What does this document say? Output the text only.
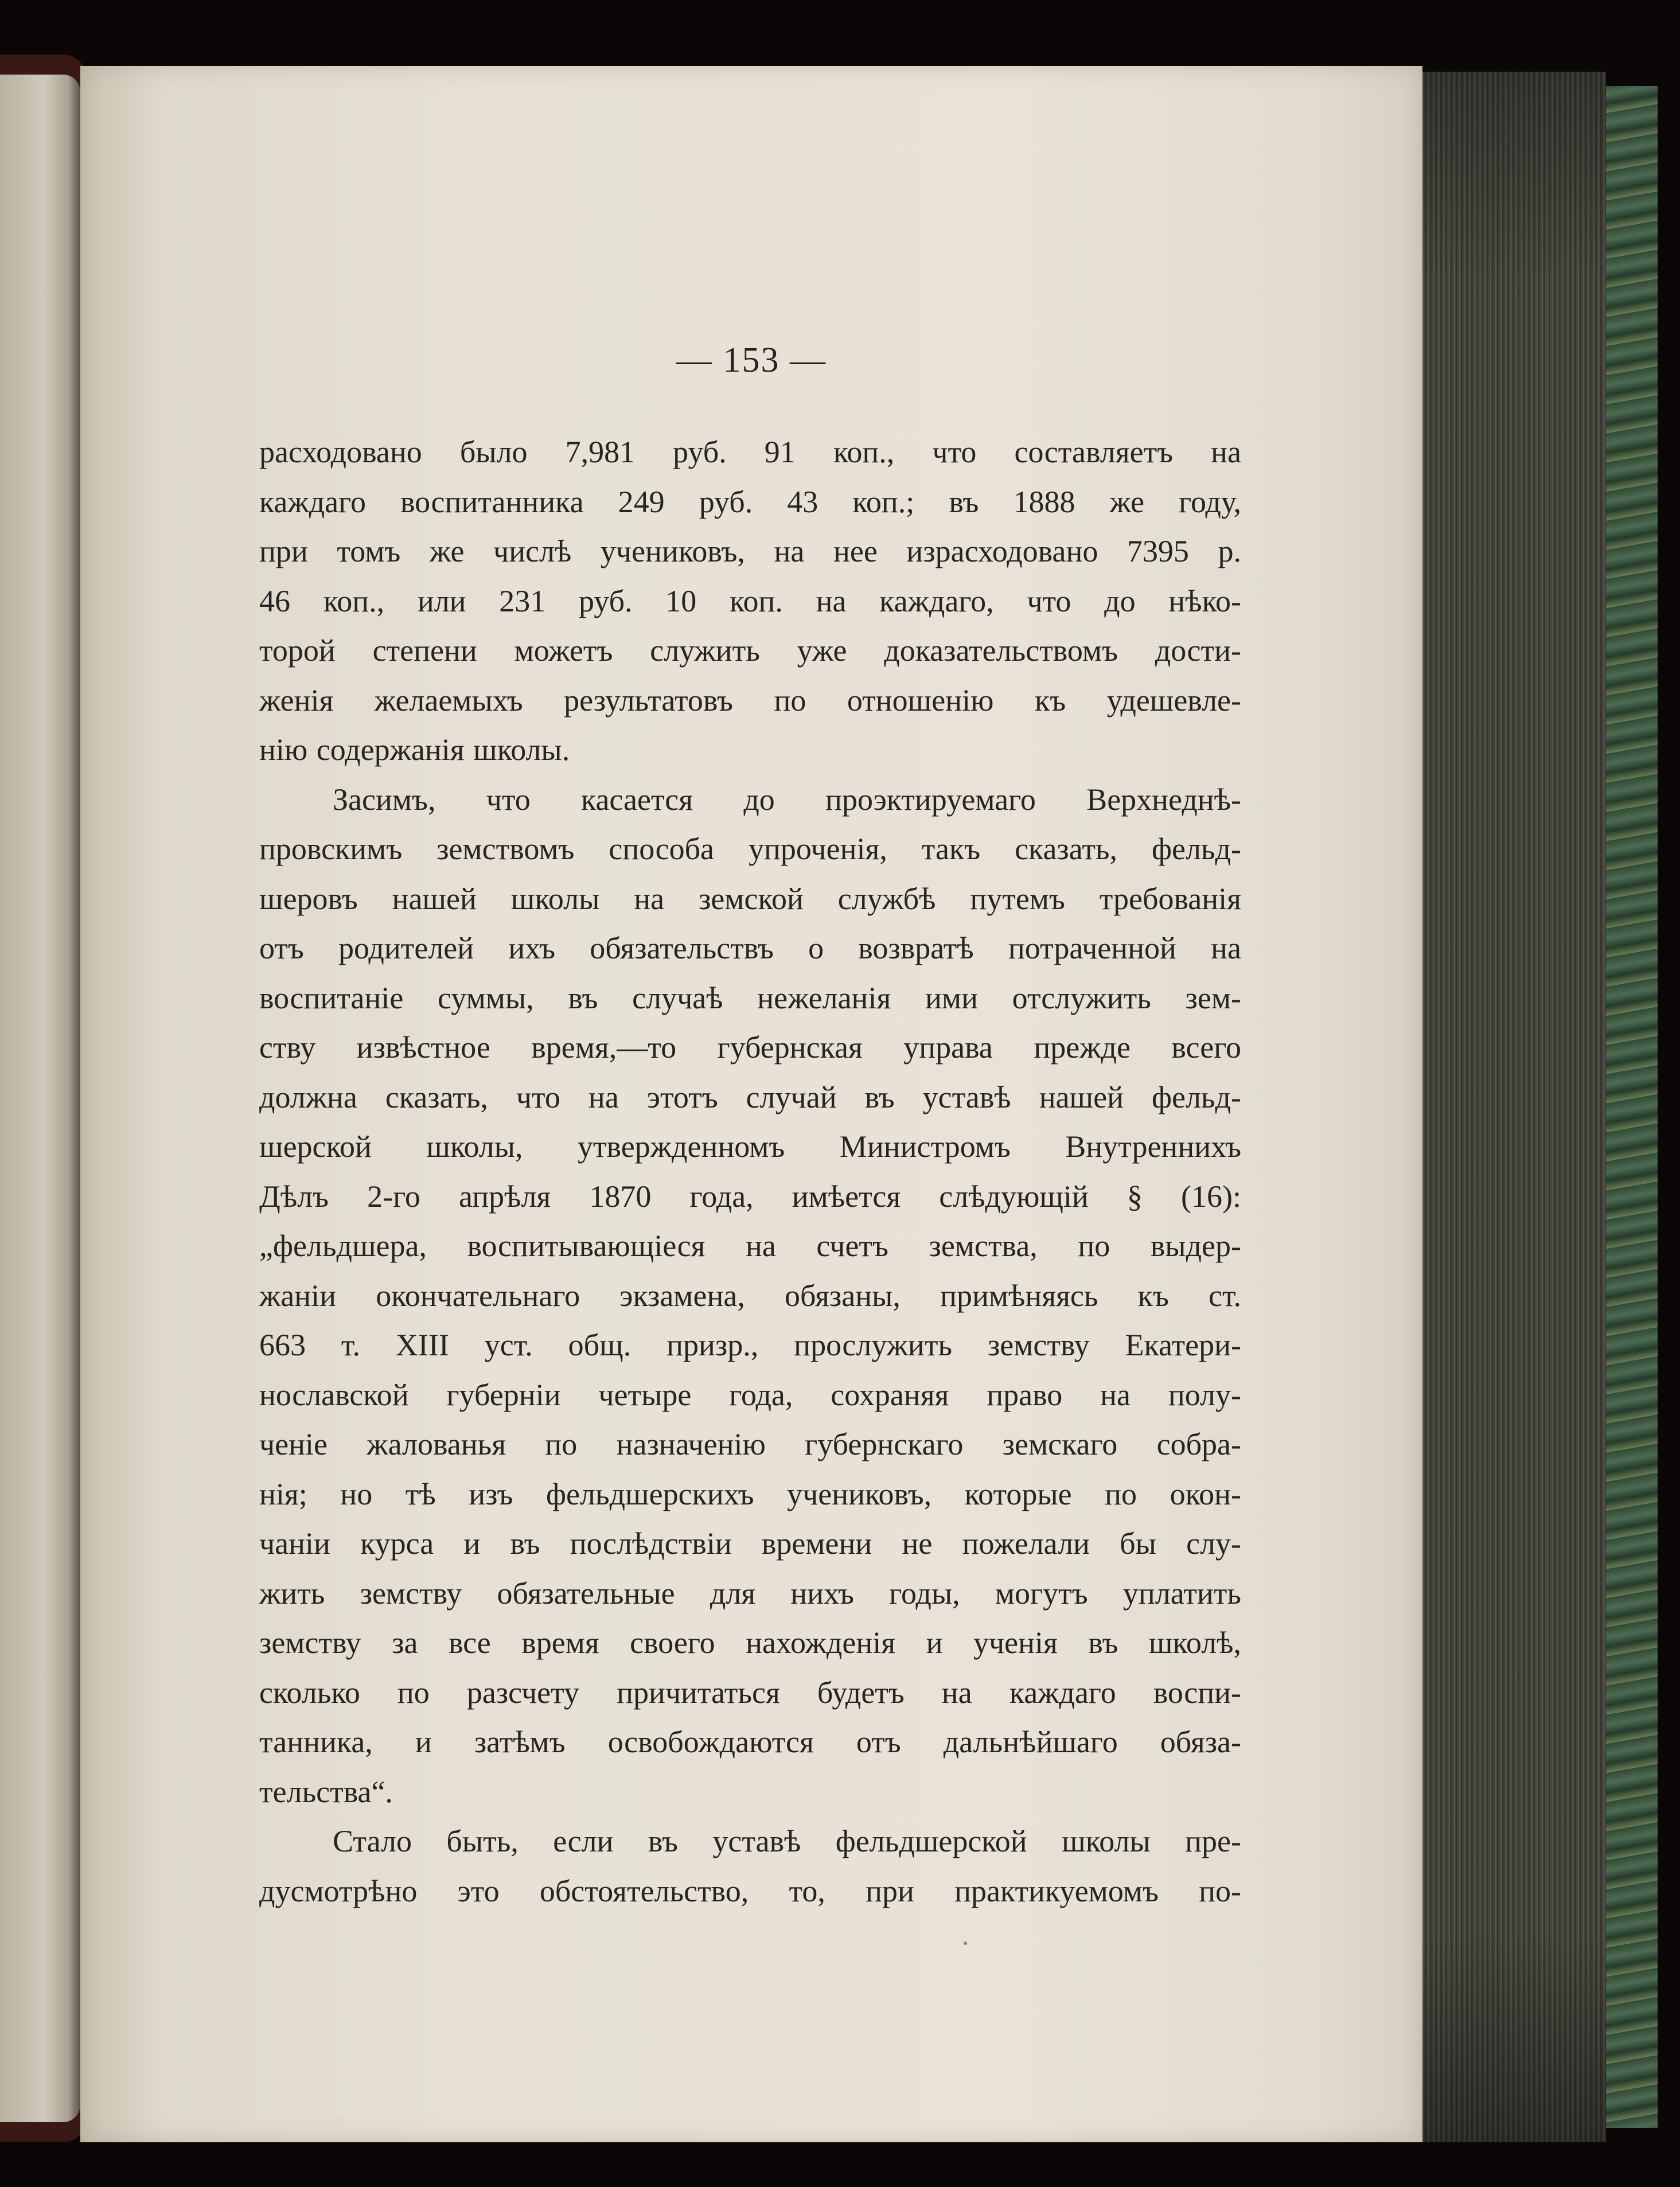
— 153 —
расходовано было 7,981 руб. 91 коп., что составляетъ на
каждаго воспитанника 249 руб. 43 коп.; въ 1888 же году,
при томъ же числѣ учениковъ, на нее израсходовано 7395 р.
46 коп., или 231 руб. 10 коп. на каждаго, что до нѣко-
торой степени можетъ служить уже доказательствомъ дости-
женія желаемыхъ результатовъ по отношенію къ удешевле-
нію содержанія школы.
Засимъ, что касается до проэктируемаго Верхнеднѣ-
провскимъ земствомъ способа упроченія, такъ сказать, фельд-
шеровъ нашей школы на земской службѣ путемъ требованія
отъ родителей ихъ обязательствъ о возвратѣ потраченной на
воспитаніе суммы, въ случаѣ нежеланія ими отслужить зем-
ству извѣстное время,—то губернская управа прежде всего
должна сказать, что на этотъ случай въ уставѣ нашей фельд-
шерской школы, утвержденномъ Министромъ Внутреннихъ
Дѣлъ 2-го апрѣля 1870 года, имѣется слѣдующій § (16):
„фельдшера, воспитывающіеся на счетъ земства, по выдер-
жаніи окончательнаго экзамена, обязаны, примѣняясь къ ст.
663 т. XIII уст. общ. призр., прослужить земству Екатери-
нославской губерніи четыре года, сохраняя право на полу-
ченіе жалованья по назначенію губернскаго земскаго собра-
нія; но тѣ изъ фельдшерскихъ учениковъ, которые по окон-
чаніи курса и въ послѣдствіи времени не пожелали бы слу-
жить земству обязательные для нихъ годы, могутъ уплатить
земству за все время своего нахожденія и ученія въ школѣ,
сколько по разсчету причитаться будетъ на каждаго воспи-
танника, и затѣмъ освобождаются отъ дальнѣйшаго обяза-
тельства“.
Стало быть, если въ уставѣ фельдшерской школы пре-
дусмотрѣно это обстоятельство, то, при практикуемомъ по-
